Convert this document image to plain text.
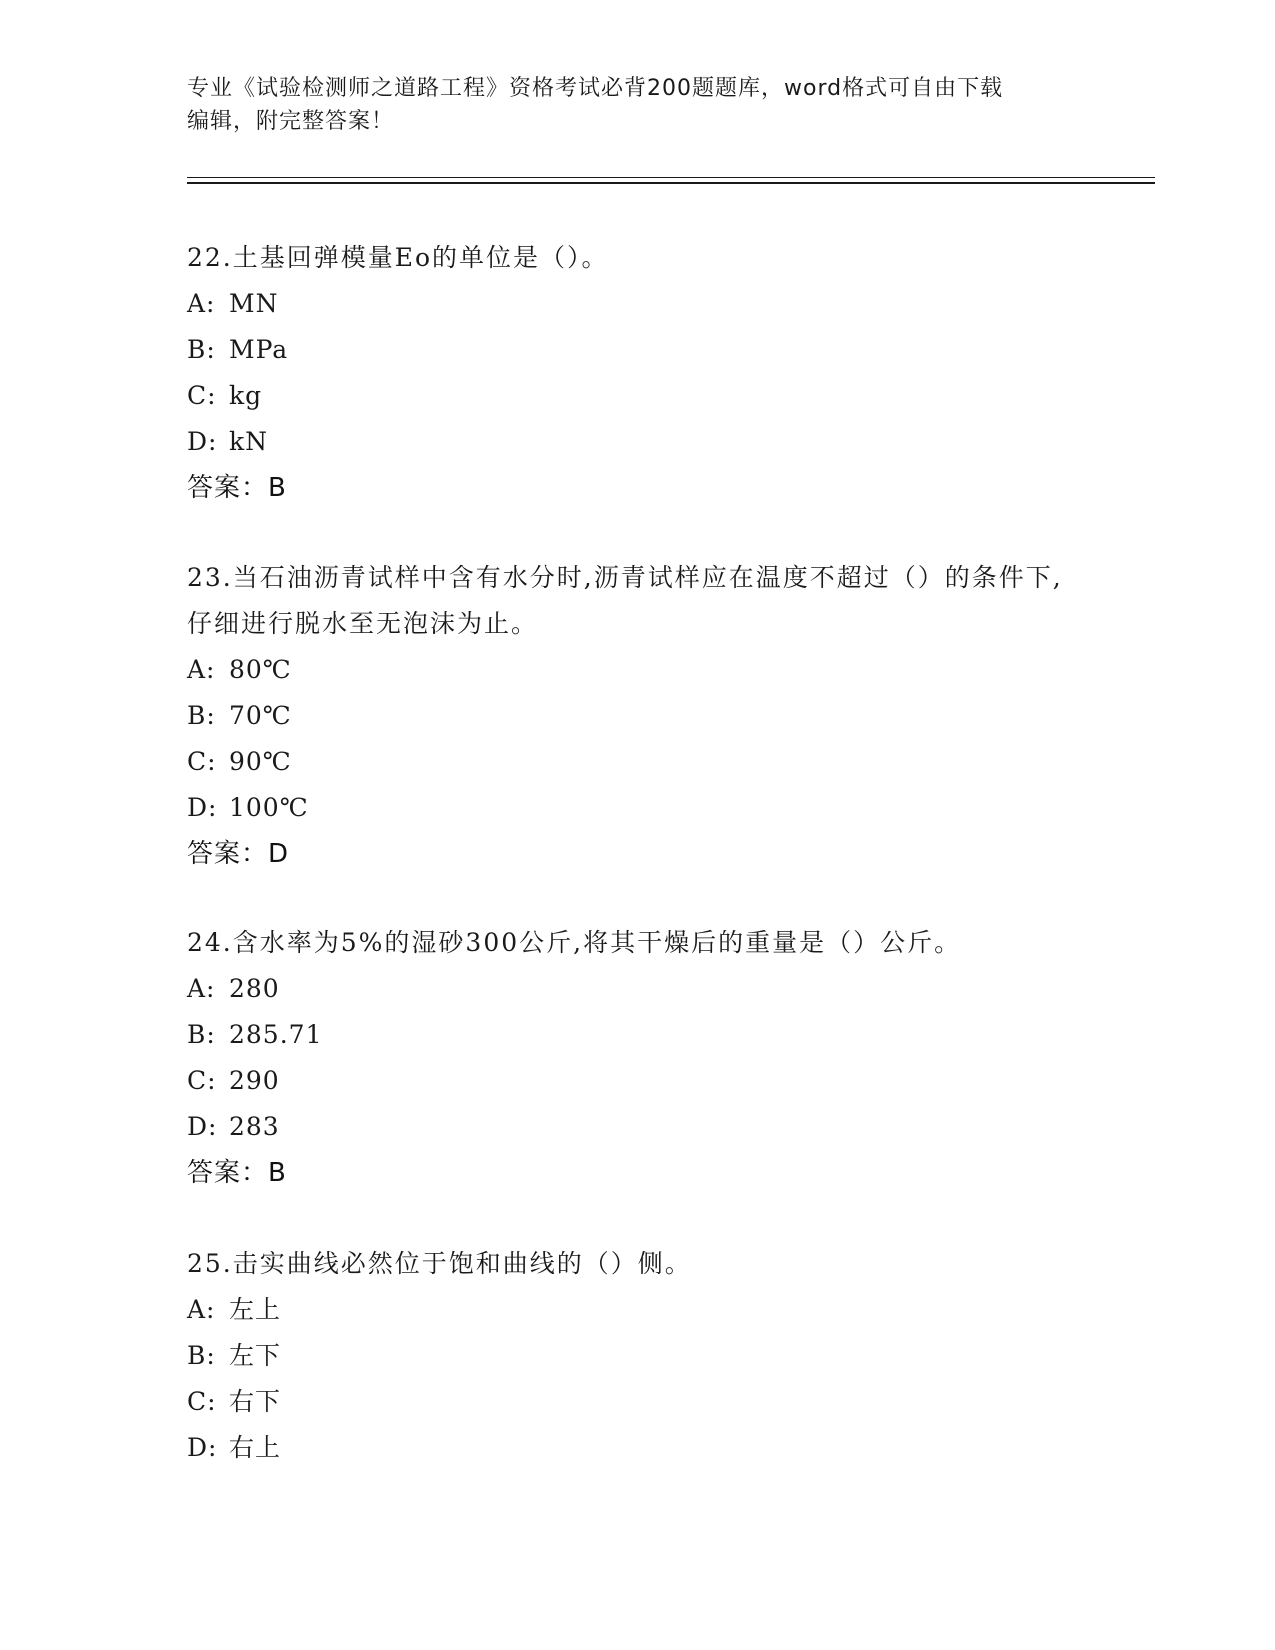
专业《试验检测师之道路工程》资格考试必背200题题库，word格式可自由下载
编辑，附完整答案！

22.土基回弹模量Eo的单位是（）。

A: MN

B: MPa

C: kg

D: kN

答案：B

23.当石油沥青试样中含有水分时,沥青试样应在温度不超过（）的条件下,仔细进行脱水至无泡沫为止。

A: 80℃

B: 70℃

C: 90℃

D: 100℃

答案：D

24.含水率为5%的湿砂300公斤,将其干燥后的重量是（）公斤。

A: 280

B: 285.71

C: 290

D: 283

答案：B

25.击实曲线必然位于饱和曲线的（）侧。

A: 左上

B: 左下

C: 右下

D: 右上
